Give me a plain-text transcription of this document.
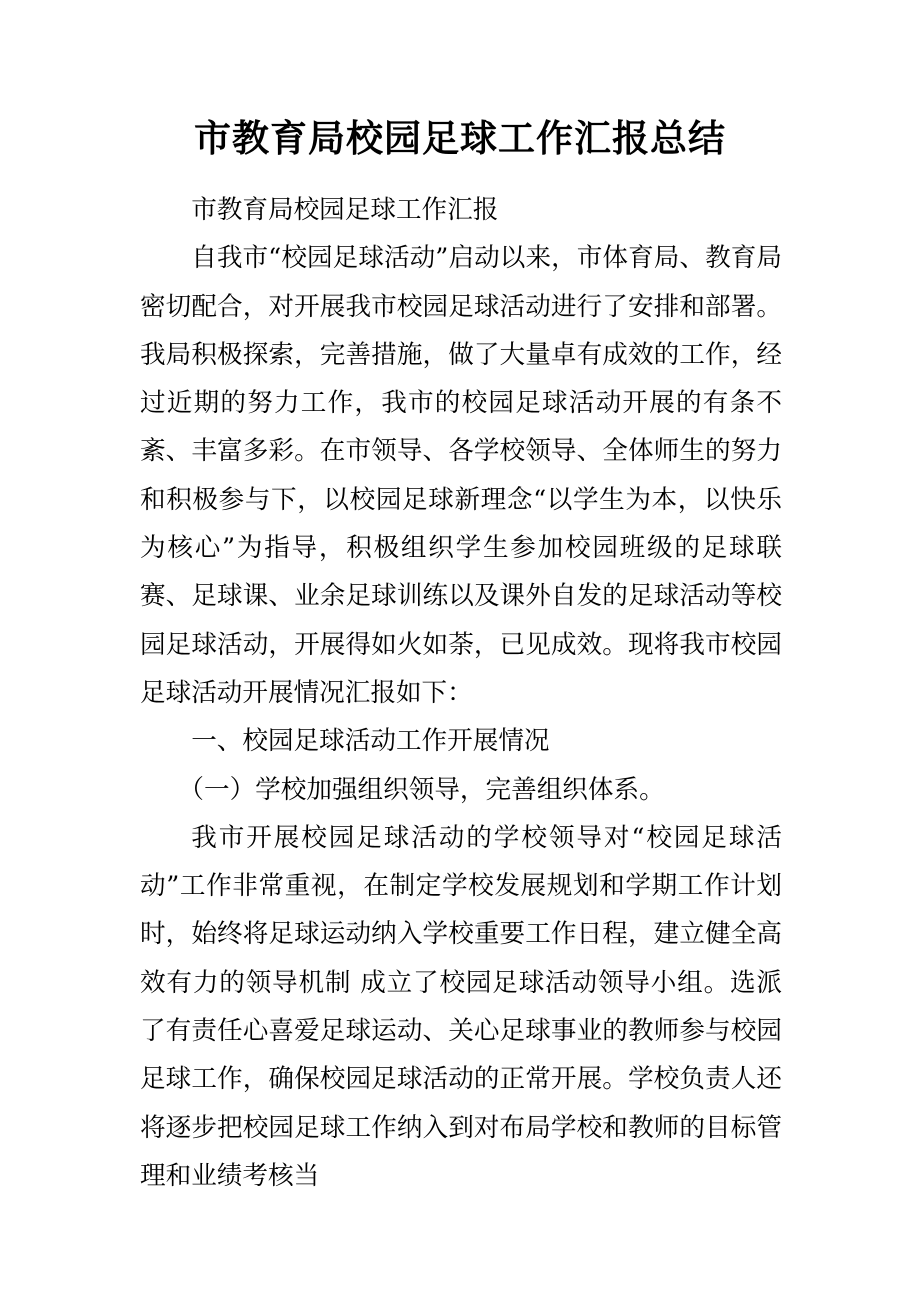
市教育局校园足球工作汇报总结

市教育局校园足球工作汇报

自我市“校园足球活动”启动以来，市体育局、教育局密切配合，对开展我市校园足球活动进行了安排和部署。我局积极探索，完善措施，做了大量卓有成效的工作，经过近期的努力工作，我市的校园足球活动开展的有条不紊、丰富多彩。在市领导、各学校领导、全体师生的努力和积极参与下，以校园足球新理念“以学生为本，以快乐为核心”为指导，积极组织学生参加校园班级的足球联赛、足球课、业余足球训练以及课外自发的足球活动等校园足球活动，开展得如火如荼，已见成效。现将我市校园足球活动开展情况汇报如下：

一、校园足球活动工作开展情况

（一）学校加强组织领导，完善组织体系。

我市开展校园足球活动的学校领导对“校园足球活动”工作非常重视，在制定学校发展规划和学期工作计划时，始终将足球运动纳入学校重要工作日程，建立健全高效有力的领导机制 成立了校园足球活动领导小组。选派了有责任心喜爱足球运动、关心足球事业的教师参与校园足球工作，确保校园足球活动的正常开展。学校负责人还将逐步把校园足球工作纳入到对布局学校和教师的目标管理和业绩考核当
